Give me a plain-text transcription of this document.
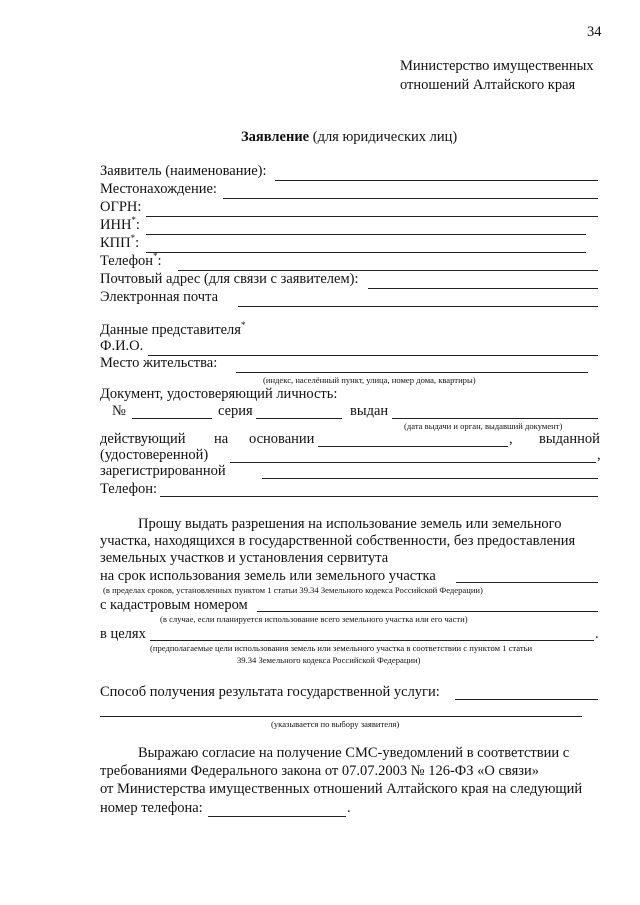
34
Министерство имущественных
отношений Алтайского края
Заявление (для юридических лиц)
Заявитель (наименование):
Местонахождение:
ОГРН:
ИНН*:
КПП*:
Телефон*:
Почтовый адрес (для связи с заявителем):
Электронная почта
Данные представителя*
Ф.И.О.
Место жительства:
(индекс, населённый пункт, улица, номер дома, квартиры)
Документ, удостоверяющий личность:
№	серия	выдан
(дата выдачи и орган, выдавший документ)
действующий на основании	, выданной
(удостоверенной)	,
зарегистрированной
Телефон:
Прошу выдать разрешения на использование земель или земельного
участка, находящихся в государственной собственности, без предоставления
земельных участков и установления сервитута
на срок использования земель или земельного участка
(в пределах сроков, установленных пунктом 1 статьи 39.34 Земельного кодекса Российской Федерации)
с кадастровым номером
(в случае, если планируется использование всего земельного участка или его части)
в целях	.
(предполагаемые цели использования земель или земельного участка в соответствии с пунктом 1 статьи
39.34 Земельного кодекса Российской Федерации)
Способ получения результата государственной услуги:
(указывается по выбору заявителя)
Выражаю согласие на получение СМС-уведомлений в соответствии с
требованиями Федерального закона от 07.07.2003 № 126-ФЗ «О связи»
от Министерства имущественных отношений Алтайского края на следующий
номер телефона:	.
